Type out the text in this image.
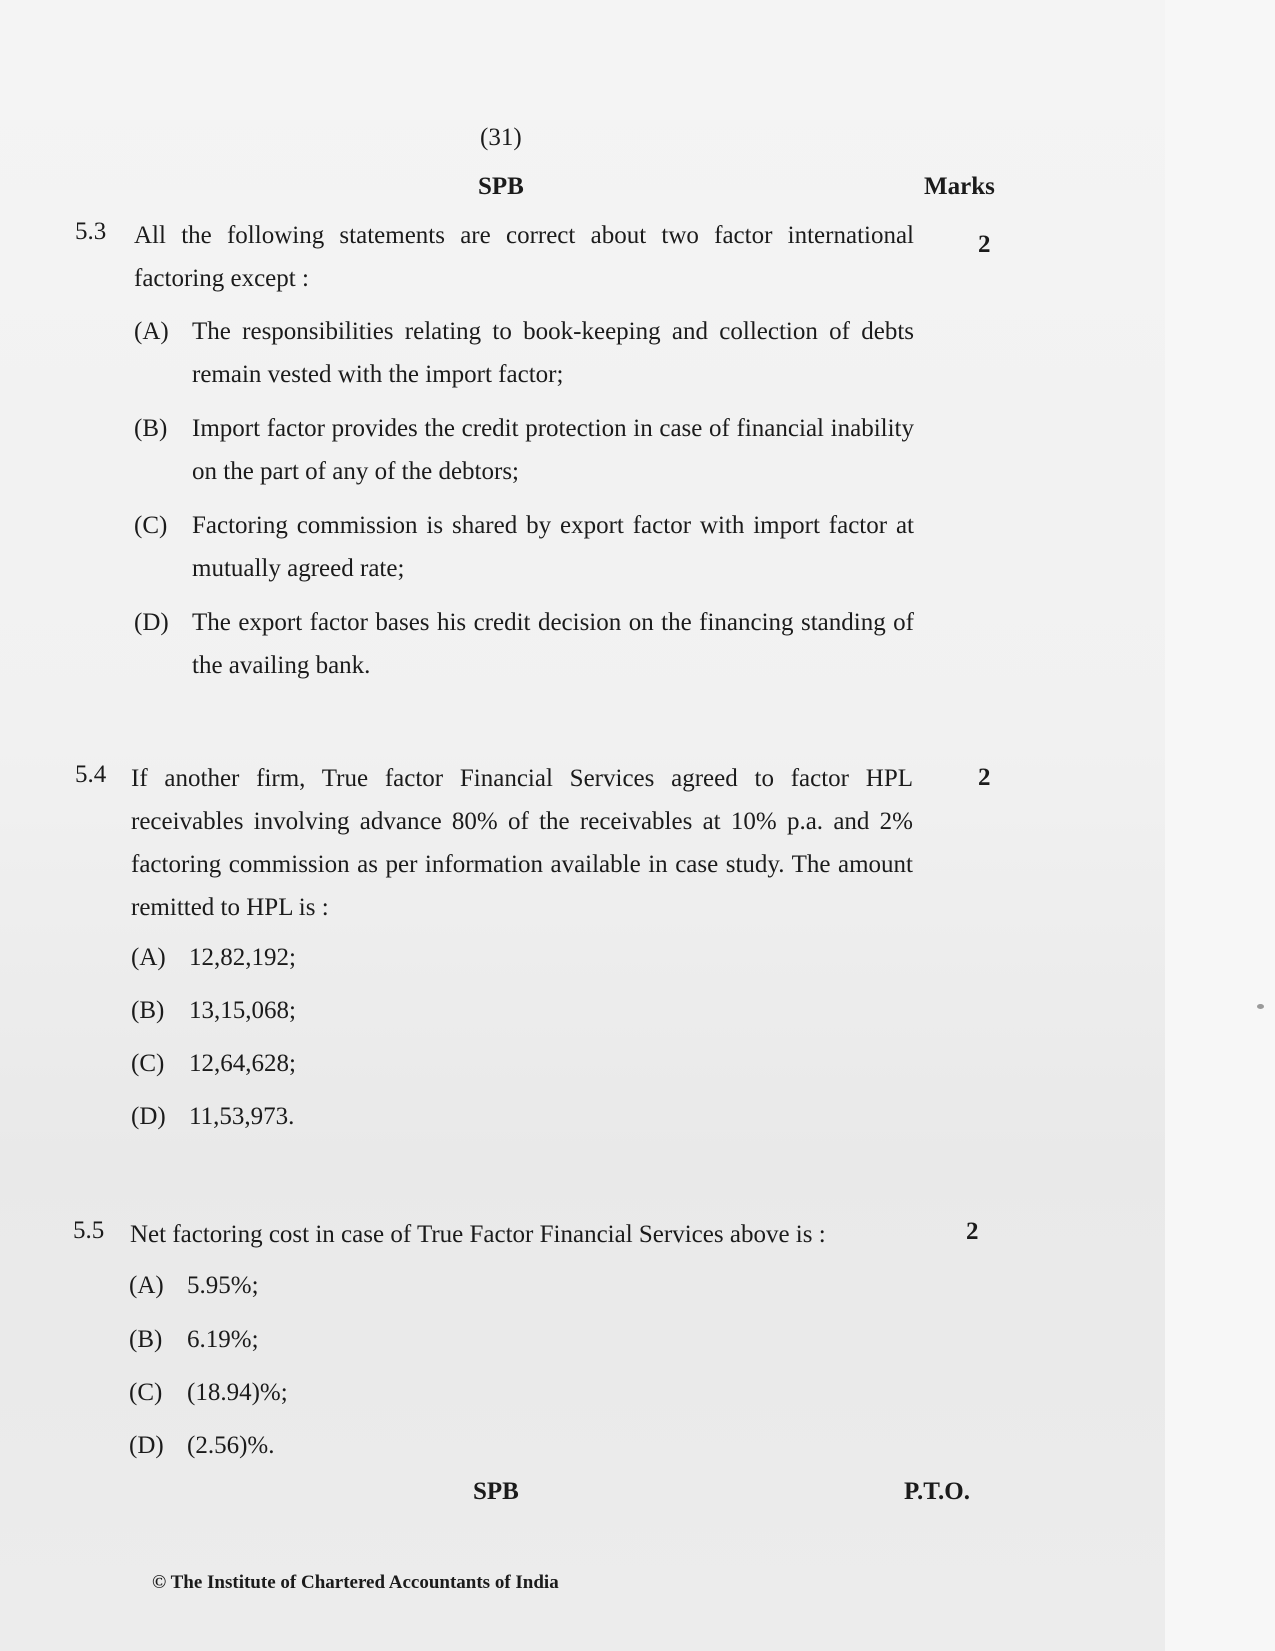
(31)
SPB	Marks
5.3 All the following statements are correct about two factor international factoring except :
2
(A) The responsibilities relating to book-keeping and collection of debts remain vested with the import factor;
(B) Import factor provides the credit protection in case of financial inability on the part of any of the debtors;
(C) Factoring commission is shared by export factor with import factor at mutually agreed rate;
(D) The export factor bases his credit decision on the financing standing of the availing bank.
5.4 If another firm, True factor Financial Services agreed to factor HPL receivables involving advance 80% of the receivables at 10% p.a. and 2% factoring commission as per information available in case study. The amount remitted to HPL is :
2
(A) 12,82,192;
(B) 13,15,068;
(C) 12,64,628;
(D) 11,53,973.
5.5 Net factoring cost in case of True Factor Financial Services above is :	2
(A) 5.95%;
(B) 6.19%;
(C) (18.94)%;
(D) (2.56)%.
SPB	P.T.O.
© The Institute of Chartered Accountants of India
